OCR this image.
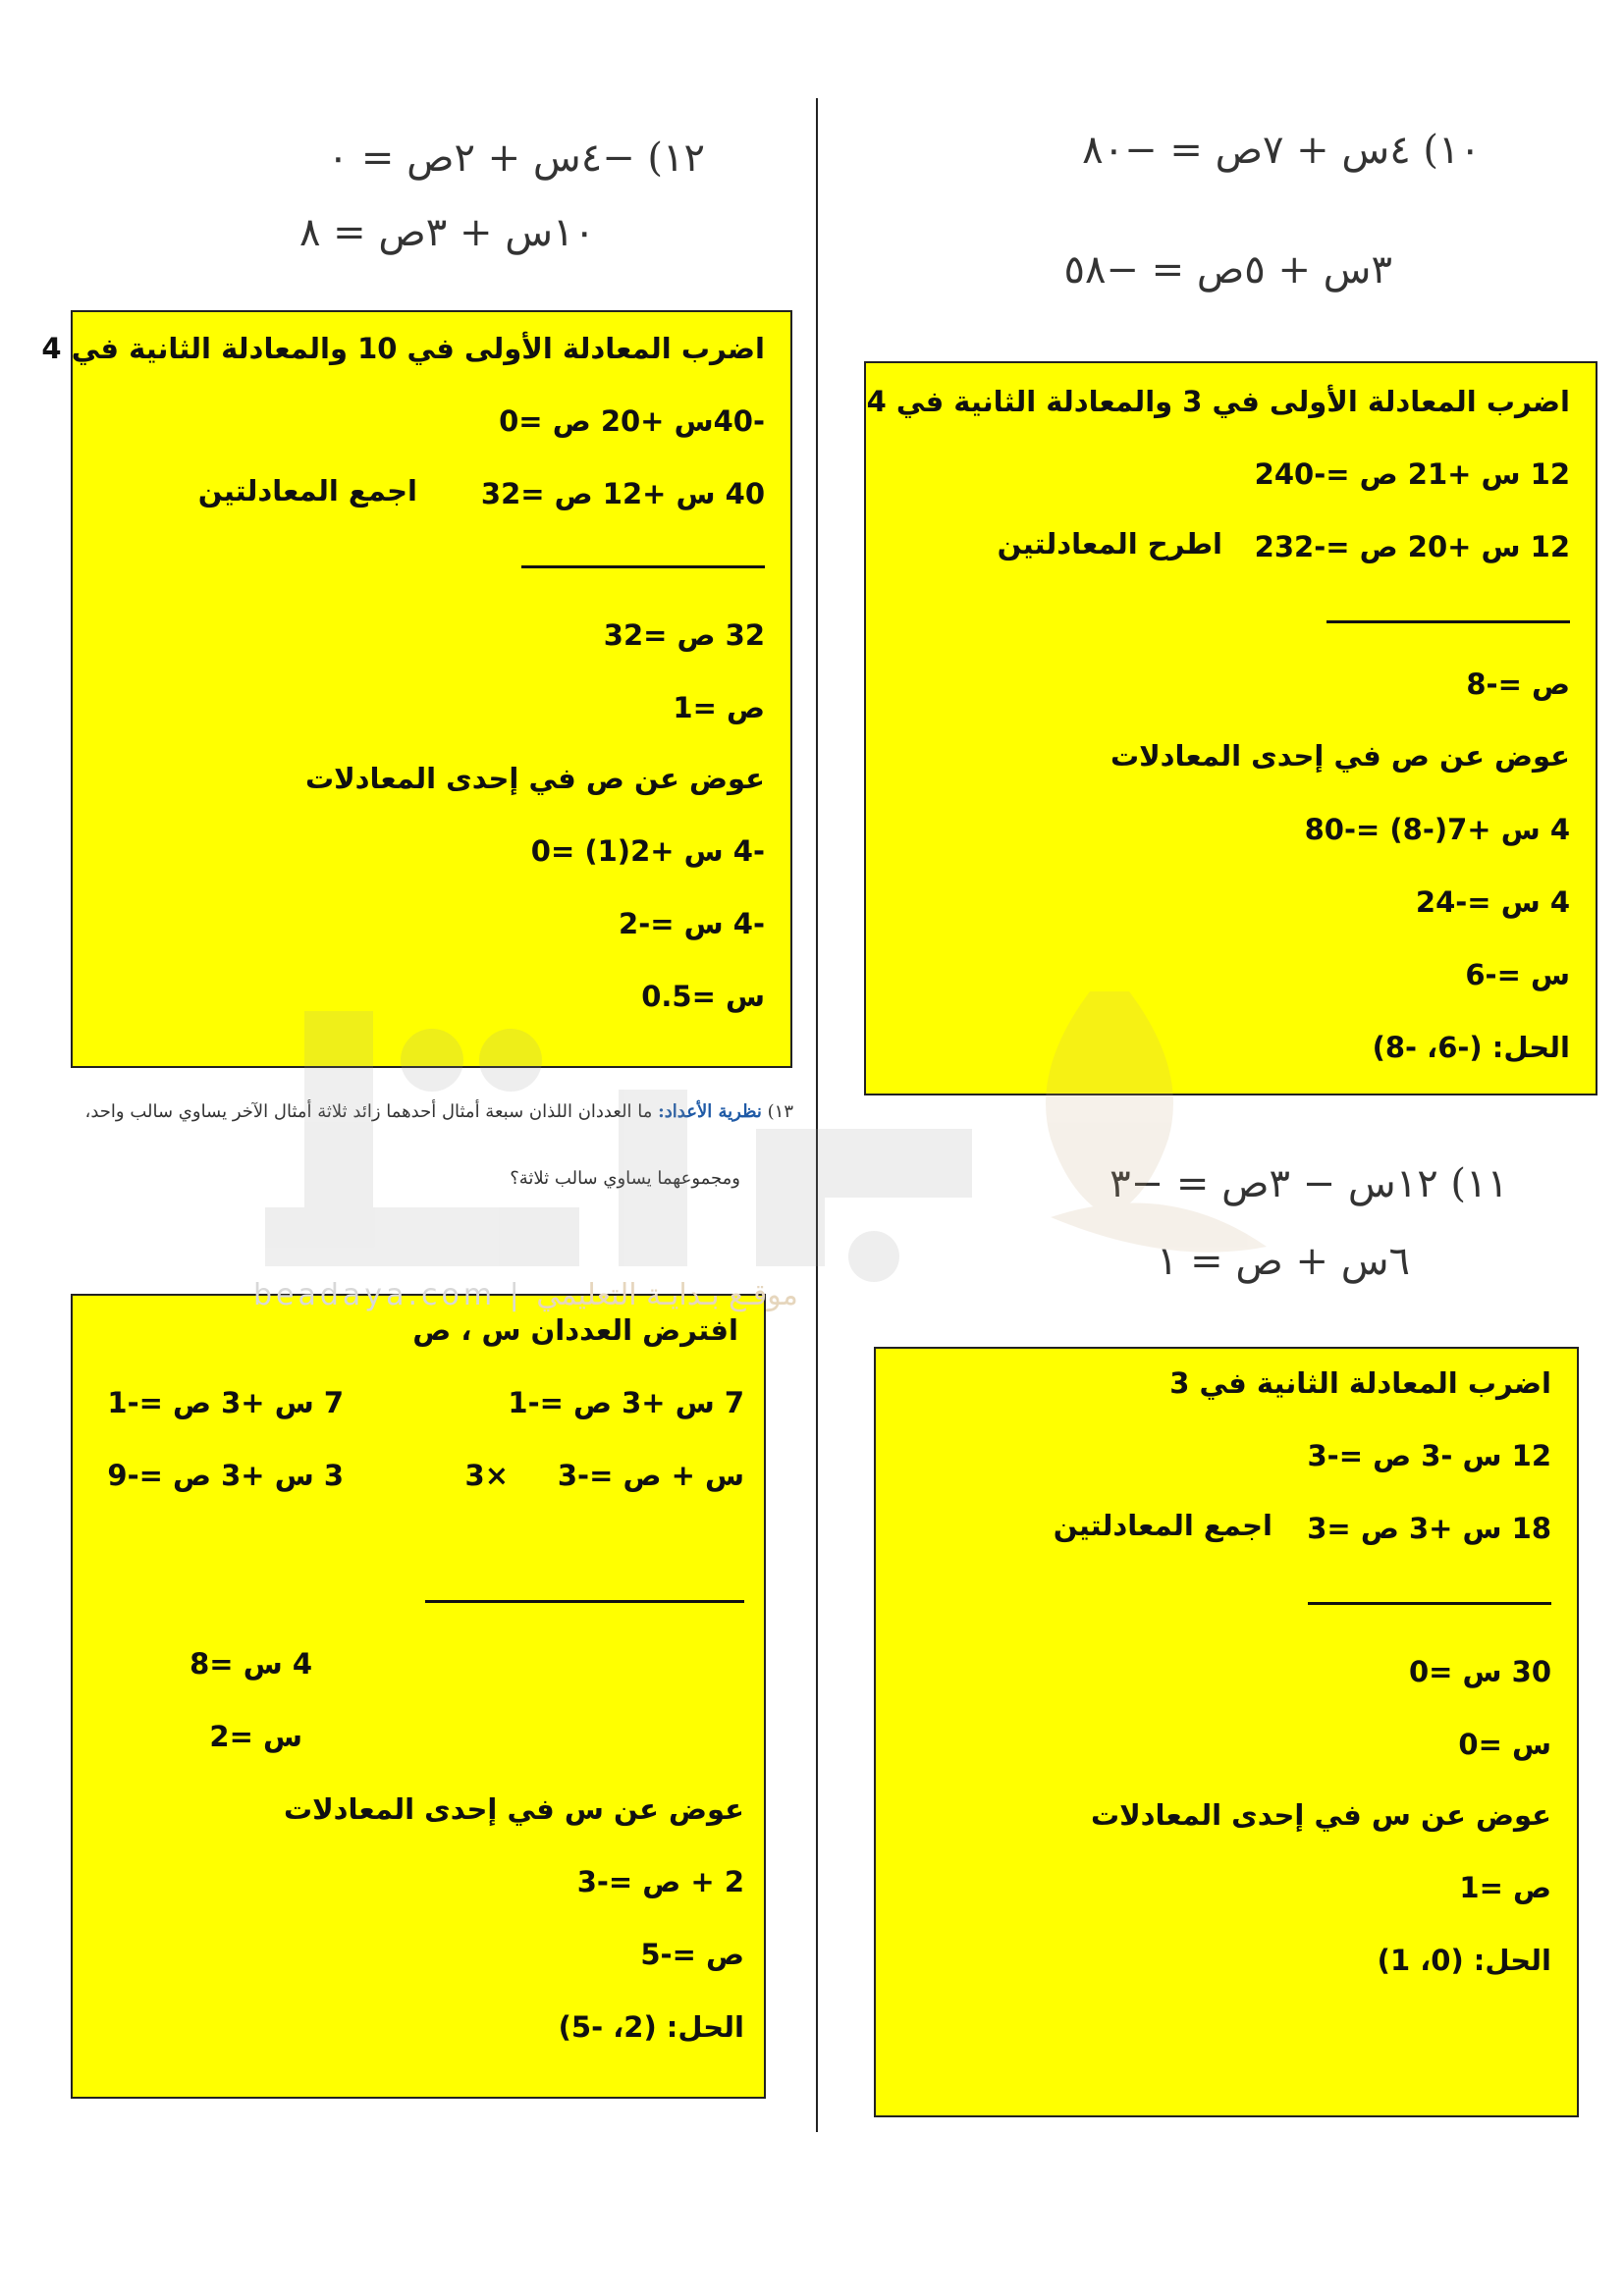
١٠) ٤س + ٧ص = −٨٠
٣س + ٥ص = −٥٨
اضرب المعادلة الأولى في 3 والمعادلة الثانية في 4
12 س +21 ص =-240
12 س +20 ص =-232
اطرح المعادلتين
ص =-8
عوض عن ص في إحدى المعادلات
4 س +7(-8) =-80
4 س =-24
س =-6
الحل: (-6، -8)
١١) ١٢س − ٣ص = −٣
٦س + ص = ١
اضرب المعادلة الثانية في 3
12 س -3 ص =-3
18 س +3 ص =3
اجمع المعادلتين
30 س =0
س =0
عوض عن س في إحدى المعادلات
ص =1
الحل: (0، 1)
١٢) −٤س + ٢ص = ٠
١٠س + ٣ص = ٨
اضرب المعادلة الأولى في 10 والمعادلة الثانية في 4
-40س +20 ص =0
40 س +12 ص =32
اجمع المعادلتين
32 ص =32
ص =1
عوض عن ص في إحدى المعادلات
-4 س +2(1) =0
-4 س =-2
س =0.5
١٣) نظرية الأعداد: ما العددان اللذان سبعة أمثال أحدهما زائد ثلاثة أمثال الآخر يساوي سالب واحد،
ومجموعهما يساوي سالب ثلاثة؟
افترض العددان س ، ص
7 س +3 ص =-1
7 س +3 ص =-1
س + ص =-3
3×
3 س +3 ص =-9
4 س =8
س =2
عوض عن س في إحدى المعادلات
2 + ص =-3
ص =-5
الحل: (2، -5)
beadaya.com | موقـع بـدايـة التعليمي
